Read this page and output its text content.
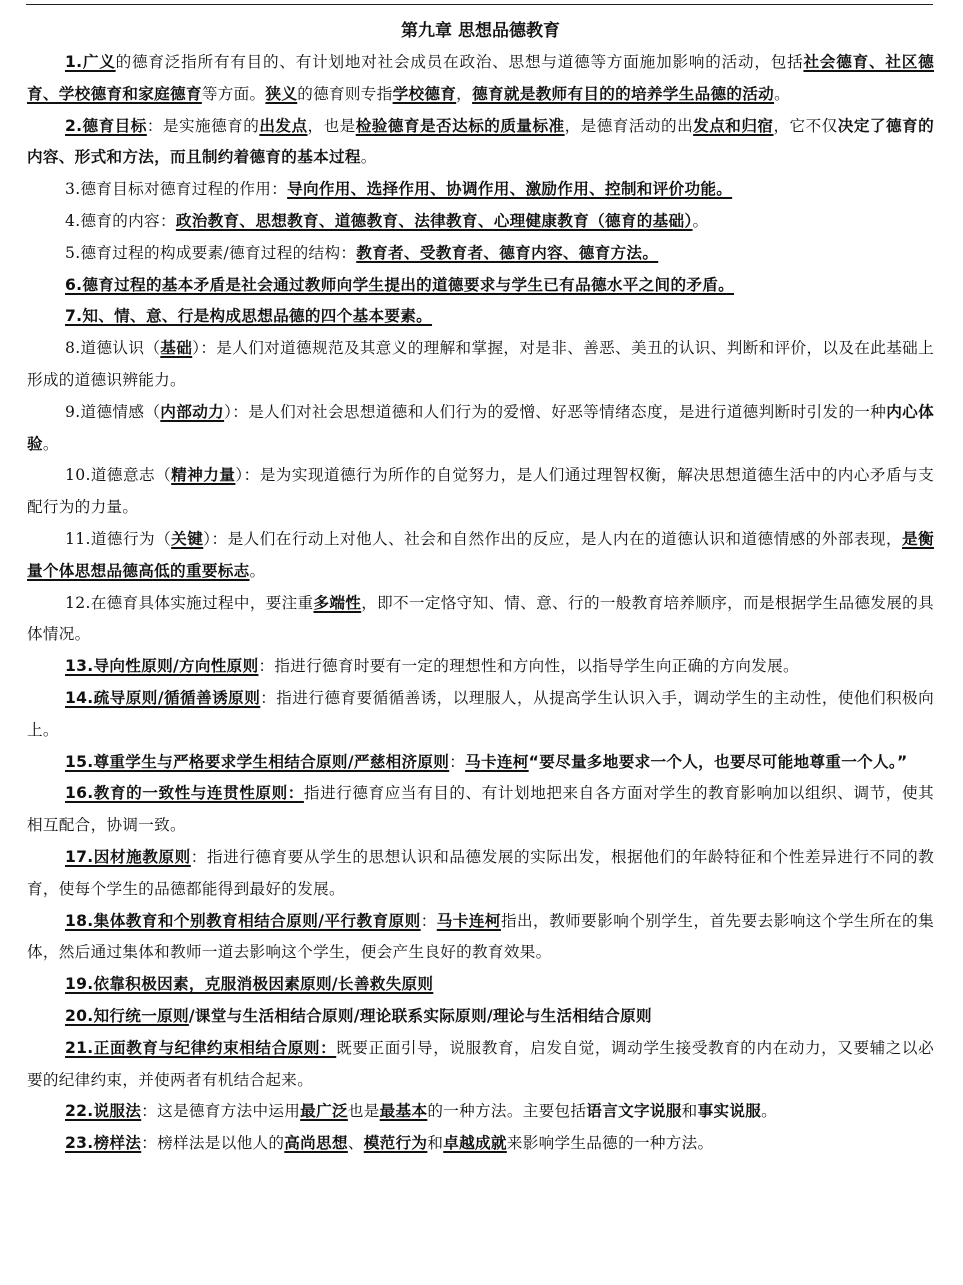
第九章 思想品德教育

1.广义的德育泛指所有有目的、有计划地对社会成员在政治、思想与道德等方面施加影响的活动，包括社会德育、社区德育、学校德育和家庭德育等方面。狭义的德育则专指学校德育，德育就是教师有目的的培养学生品德的活动。

2.德育目标：是实施德育的出发点，也是检验德育是否达标的质量标准，是德育活动的出发点和归宿，它不仅决定了德育的内容、形式和方法，而且制约着德育的基本过程。

3.德育目标对德育过程的作用：导向作用、选择作用、协调作用、激励作用、控制和评价功能。

4.德育的内容：政治教育、思想教育、道德教育、法律教育、心理健康教育（德育的基础）。

5.德育过程的构成要素/德育过程的结构：教育者、受教育者、德育内容、德育方法。

6.德育过程的基本矛盾是社会通过教师向学生提出的道德要求与学生已有品德水平之间的矛盾。

7.知、情、意、行是构成思想品德的四个基本要素。

8.道德认识（基础）：是人们对道德规范及其意义的理解和掌握，对是非、善恶、美丑的认识、判断和评价，以及在此基础上形成的道德识辨能力。

9.道德情感（内部动力）：是人们对社会思想道德和人们行为的爱憎、好恶等情绪态度，是进行道德判断时引发的一种内心体验。

10.道德意志（精神力量）：是为实现道德行为所作的自觉努力，是人们通过理智权衡，解决思想道德生活中的内心矛盾与支配行为的力量。

11.道德行为（关键）：是人们在行动上对他人、社会和自然作出的反应，是人内在的道德认识和道德情感的外部表现，是衡量个体思想品德高低的重要标志。

12.在德育具体实施过程中，要注重多端性，即不一定恪守知、情、意、行的一般教育培养顺序，而是根据学生品德发展的具体情况。

13.导向性原则/方向性原则：指进行德育时要有一定的理想性和方向性，以指导学生向正确的方向发展。

14.疏导原则/循循善诱原则：指进行德育要循循善诱，以理服人，从提高学生认识入手，调动学生的主动性，使他们积极向上。

15.尊重学生与严格要求学生相结合原则/严慈相济原则：马卡连柯“要尽量多地要求一个人，也要尽可能地尊重一个人。”

16.教育的一致性与连贯性原则：指进行德育应当有目的、有计划地把来自各方面对学生的教育影响加以组织、调节，使其相互配合，协调一致。

17.因材施教原则：指进行德育要从学生的思想认识和品德发展的实际出发，根据他们的年龄特征和个性差异进行不同的教育，使每个学生的品德都能得到最好的发展。

18.集体教育和个别教育相结合原则/平行教育原则：马卡连柯指出，教师要影响个别学生，首先要去影响这个学生所在的集体，然后通过集体和教师一道去影响这个学生，便会产生良好的教育效果。

19.依靠积极因素，克服消极因素原则/长善救失原则

20.知行统一原则/课堂与生活相结合原则/理论联系实际原则/理论与生活相结合原则

21.正面教育与纪律约束相结合原则：既要正面引导，说服教育，启发自觉，调动学生接受教育的内在动力，又要辅之以必要的纪律约束，并使两者有机结合起来。

22.说服法：这是德育方法中运用最广泛也是最基本的一种方法。主要包括语言文字说服和事实说服。

23.榜样法：榜样法是以他人的高尚思想、模范行为和卓越成就来影响学生品德的一种方法。
